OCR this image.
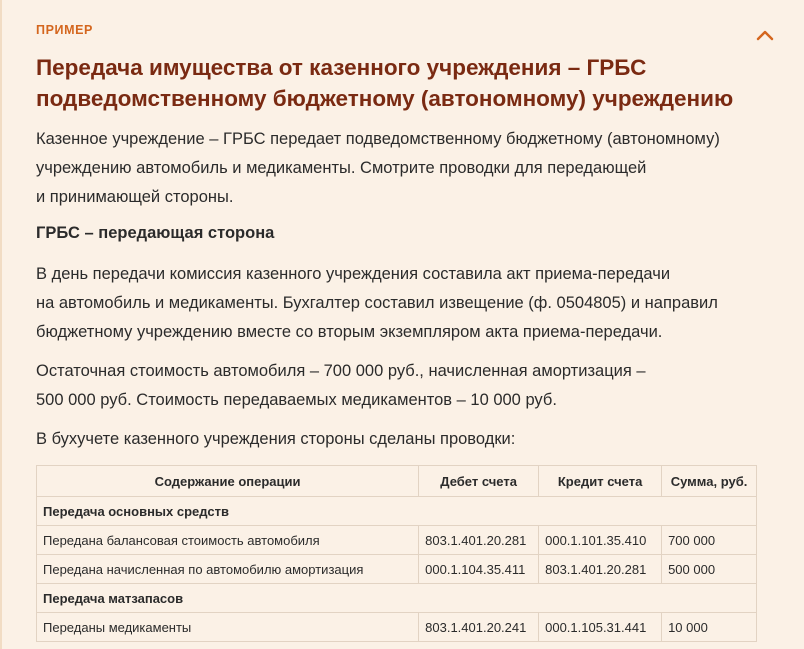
ПРИМЕР
Передача имущества от казенного учреждения – ГРБС
подведомственному бюджетному (автономному) учреждению

Казенное учреждение – ГРБС передает подведомственному бюджетному (автономному)
учреждению автомобиль и медикаменты. Смотрите проводки для передающей
и принимающей стороны.

ГРБС – передающая сторона

В день передачи комиссия казенного учреждения составила акт приема-передачи
на автомобиль и медикаменты. Бухгалтер составил извещение (ф. 0504805) и направил
бюджетному учреждению вместе со вторым экземпляром акта приема-передачи.

Остаточная стоимость автомобиля – 700 000 руб., начисленная амортизация –
500 000 руб. Стоимость передаваемых медикаментов – 10 000 руб.

В бухучете казенного учреждения стороны сделаны проводки:

Содержание операции	Дебет счета	Кредит счета	Сумма, руб.
Передача основных средств			
Передана балансовая стоимость автомобиля	803.1.401.20.281	000.1.101.35.410	700 000
Передана начисленная по автомобилю амортизация	000.1.104.35.411	803.1.401.20.281	500 000
Передача матзапасов			
Переданы медикаменты	803.1.401.20.241	000.1.105.31.441	10 000
